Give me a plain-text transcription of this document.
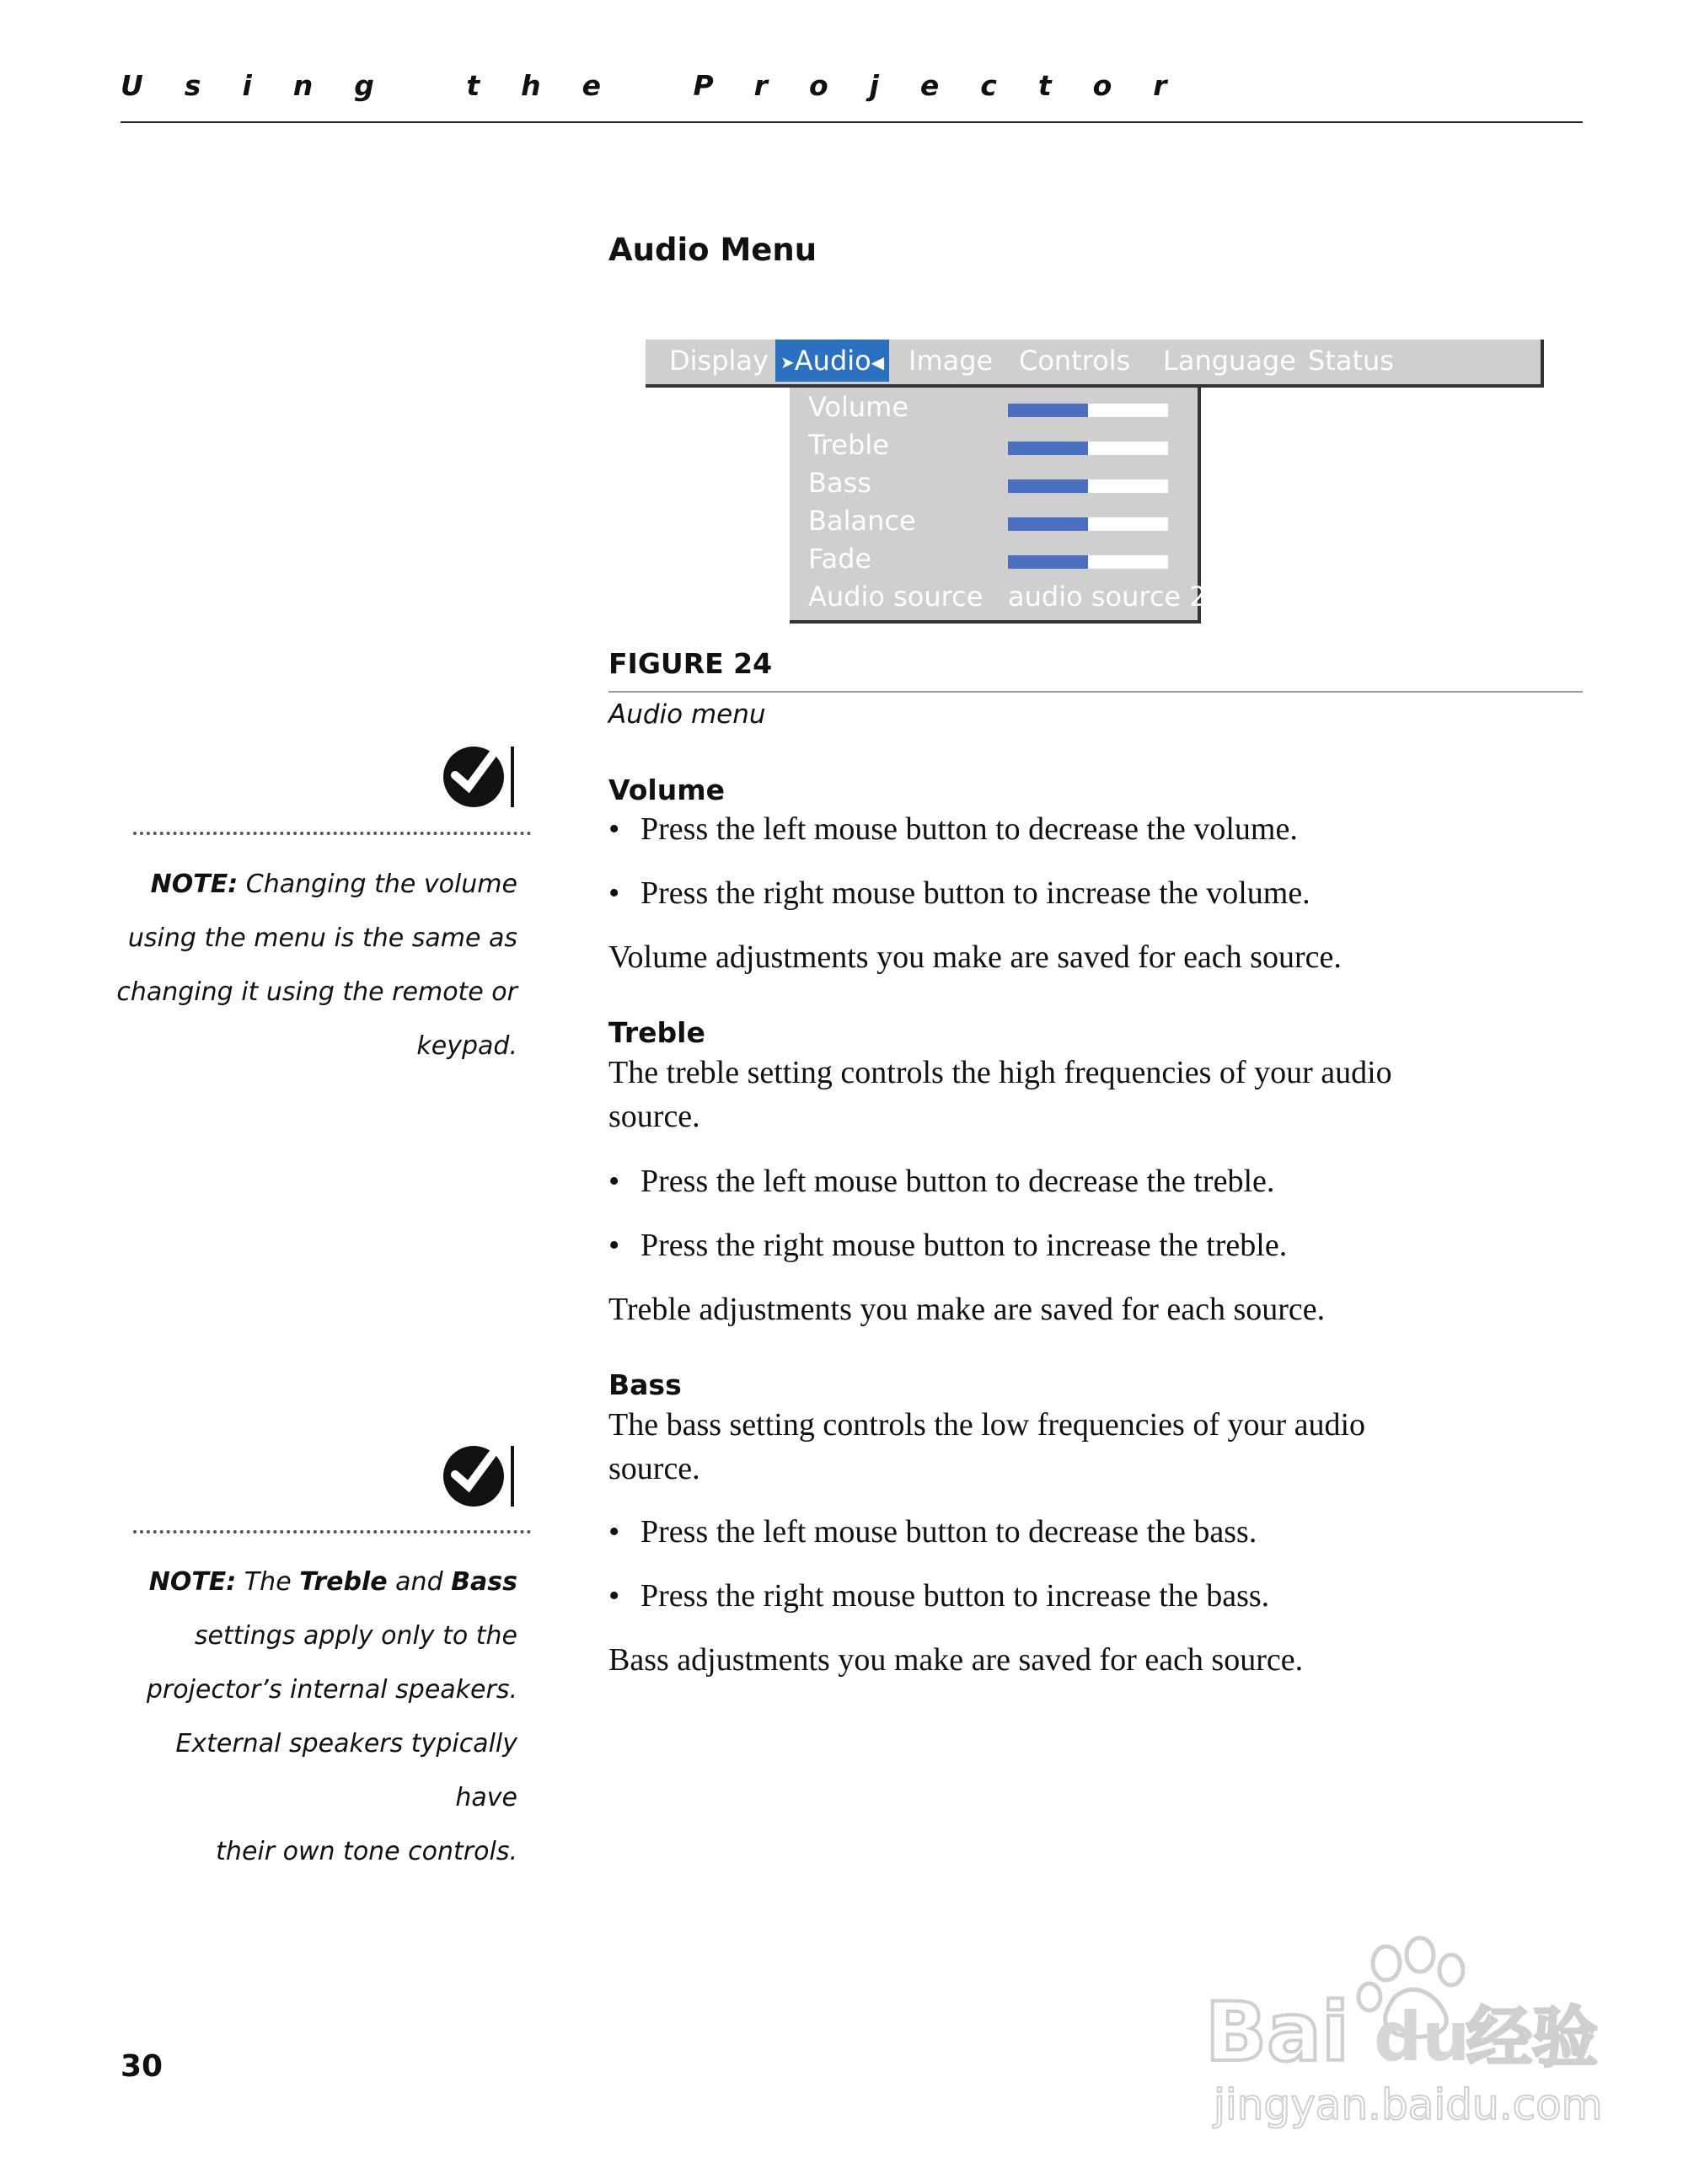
Using the Projector
Audio Menu
Display ➤Audio◀ Image Controls Language Status
Volume
Treble
Bass
Balance
Fade
Audio source audio source 2
FIGURE 24
Audio menu
Volume
• Press the left mouse button to decrease the volume.
• Press the right mouse button to increase the volume.
Volume adjustments you make are saved for each source.
Treble
The treble setting controls the high frequencies of your audio
source.
• Press the left mouse button to decrease the treble.
• Press the right mouse button to increase the treble.
Treble adjustments you make are saved for each source.
Bass
The bass setting controls the low frequencies of your audio
source.
• Press the left mouse button to decrease the bass.
• Press the right mouse button to increase the bass.
Bass adjustments you make are saved for each source.
NOTE: Changing the volume
using the menu is the same as
changing it using the remote or
keypad.
NOTE: The Treble and Bass
settings apply only to the
projector’s internal speakers.
External speakers typically have
their own tone controls.
30	Bai du
经验
jingyan.baidu.com
